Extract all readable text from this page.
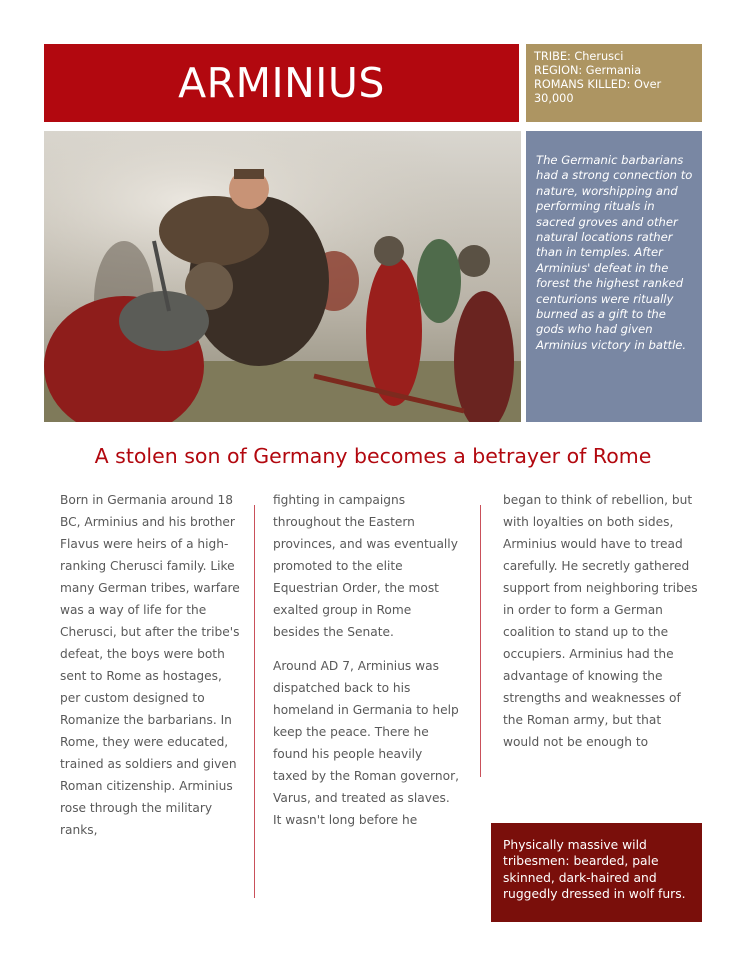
ARMINIUS
TRIBE: Cherusci
REGION: Germania
ROMANS KILLED: Over 30,000
The Germanic barbarians had a strong connection to nature, worshipping and performing rituals in sacred groves and other natural locations rather than in temples. After Arminius' defeat in the forest the highest ranked centurions were ritually burned as a gift to the gods who had given Arminius victory in battle.
A stolen son of Germany becomes a betrayer of Rome

Born in Germania around 18 BC, Arminius and his brother Flavus were heirs of a high-ranking Cherusci family. Like many German tribes, warfare was a way of life for the Cherusci, but after the tribe's defeat, the boys were both sent to Rome as hostages, per custom designed to Romanize the barbarians. In Rome, they were educated, trained as soldiers and given Roman citizenship. Arminius rose through the military ranks,

fighting in campaigns throughout the Eastern provinces, and was eventually promoted to the elite Equestrian Order, the most exalted group in Rome besides the Senate.

Around AD 7, Arminius was dispatched back to his homeland in Germania to help keep the peace. There he found his people heavily taxed by the Roman governor, Varus, and treated as slaves. It wasn't long before he

began to think of rebellion, but with loyalties on both sides, Arminius would have to tread carefully. He secretly gathered support from neighboring tribes in order to form a German coalition to stand up to the occupiers. Arminius had the advantage of knowing the strengths and weaknesses of the Roman army, but that would not be enough to

Physically massive wild tribesmen: bearded, pale skinned, dark-haired and ruggedly dressed in wolf furs.
